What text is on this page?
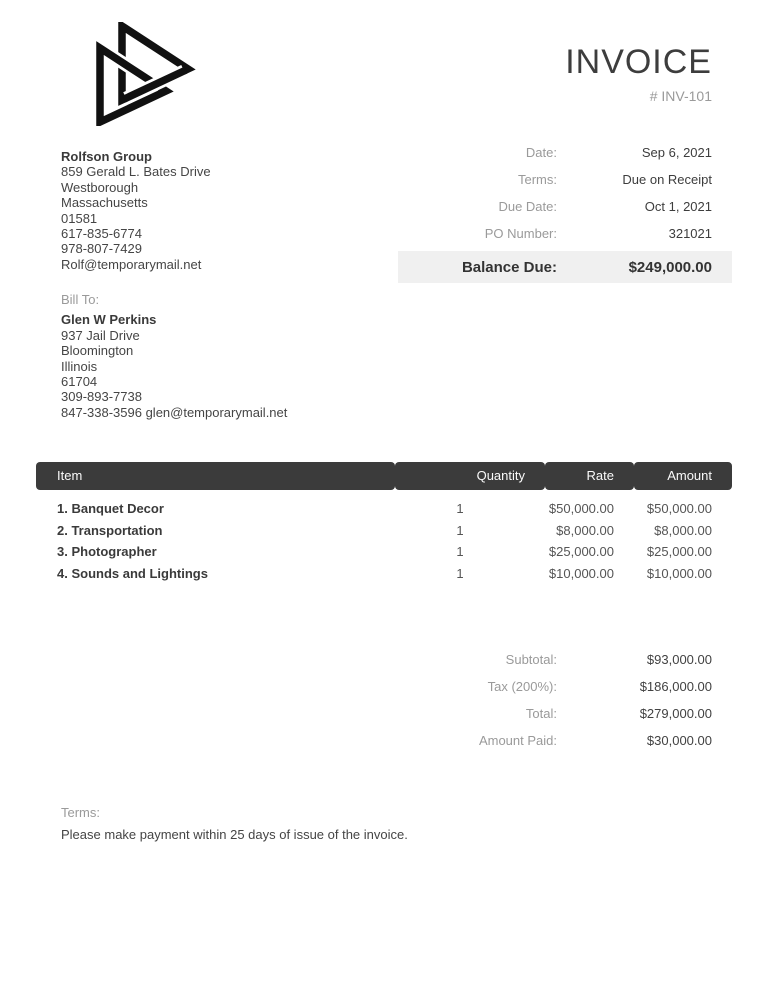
INVOICE
# INV-101
Rolfson Group
859 Gerald L. Bates Drive
Westborough
Massachusetts
01581
617-835-6774
978-807-7429
Rolf@temporarymail.net
Date:	Sep 6, 2021
Terms:	Due on Receipt
Due Date:	Oct 1, 2021
PO Number:	321021
Balance Due:	$249,000.00
Bill To:
Glen W Perkins
937 Jail Drive
Bloomington
Illinois
61704
309-893-7738
847-338-3596 glen@temporarymail.net
Item	Quantity	Rate	Amount
1. Banquet Decor	1	$50,000.00	$50,000.00
2. Transportation	1	$8,000.00	$8,000.00
3. Photographer	1	$25,000.00	$25,000.00
4. Sounds and Lightings	1	$10,000.00	$10,000.00
Subtotal:	$93,000.00
Tax (200%):	$186,000.00
Total:	$279,000.00
Amount Paid:	$30,000.00
Terms:
Please make payment within 25 days of issue of the invoice.
